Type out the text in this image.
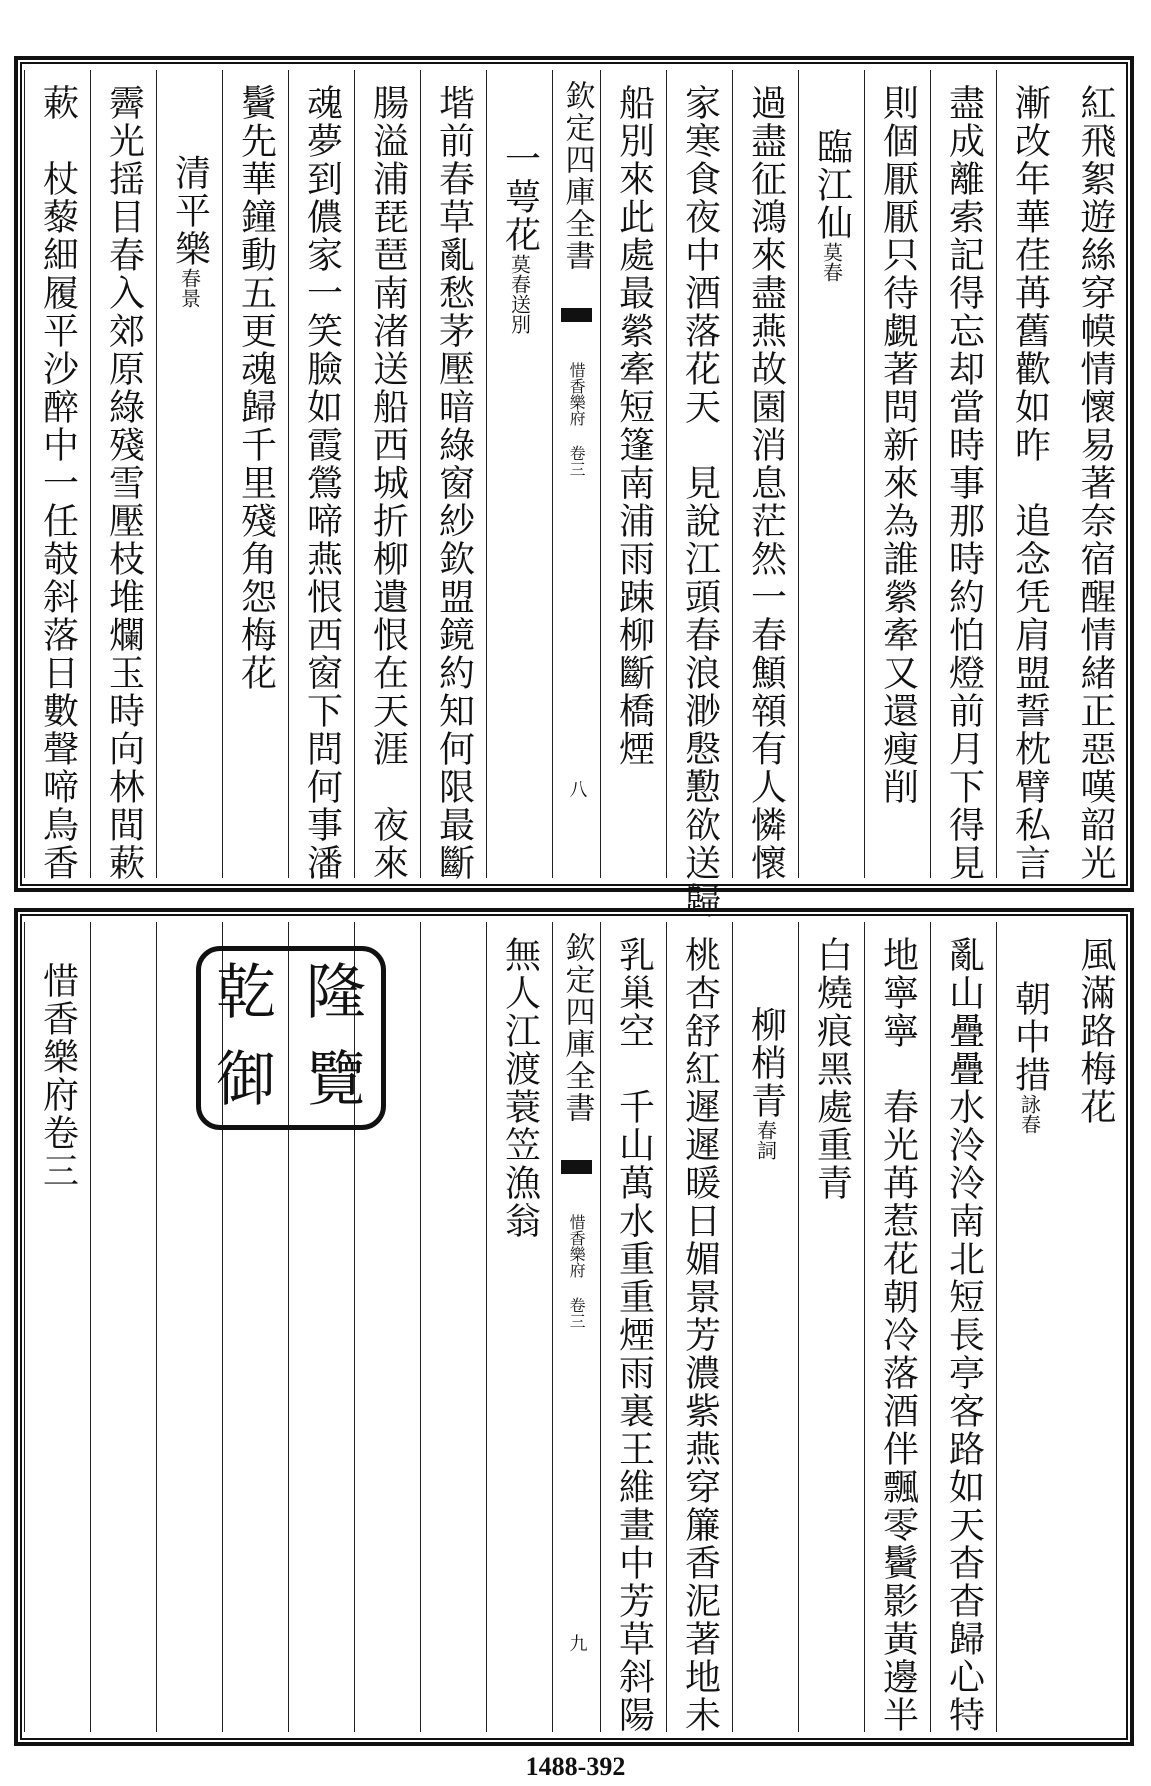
紅飛絮遊絲穿幙情懷易著奈宿醒情緒正惡嘆韶光
漸改年華荏苒舊歡如昨　追念凭肩盟誓枕臂私言
盡成離索記得忘却當時事那時約怕燈前月下得見
則個厭厭只待覷著問新來為誰縈牽又還瘦削
臨江仙莫春
過盡征鴻來盡燕故園消息茫然一春顦顇有人憐懷
家寒食夜中酒落花天　見說江頭春浪渺慇懃欲送歸
船別來此處最縈牽短篷南浦雨踈柳斷橋煙
欽定四庫全書
惜香樂府 卷三
八
一萼花莫春送別
堦前春草亂愁茅壓暗綠窗紗欽盟鏡約知何限最斷
腸溢浦琵琶南渚送船西城折柳遺恨在天涯　夜來
魂夢到儂家一笑臉如霞鶯啼燕恨西窗下問何事潘
鬢先華鐘動五更魂歸千里殘角怨梅花
清平樂春景
霽光揺目春入郊原綠殘雪壓枝堆爛玉時向林間蔌
蔌　杖藜細履平沙醉中一任攲斜落日數聲啼鳥香
風滿路梅花
朝中措詠春
亂山疊疊水泠泠南北短長亭客路如天杳杳歸心特
地寧寧　春光苒惹花朝冷落酒伴飄零鬢影黃邊半
白燒痕黑處重青
柳梢青春詞
桃杏舒紅遲遲暖日媚景芳濃紫燕穿簾香泥著地未
乳巢空　千山萬水重重煙雨裏王維畫中芳草斜陽
欽定四庫全書
惜香樂府 卷三
九
無人江渡蓑笠漁翁
惜香樂府卷三 乾 隆
御 覽
1488-392
